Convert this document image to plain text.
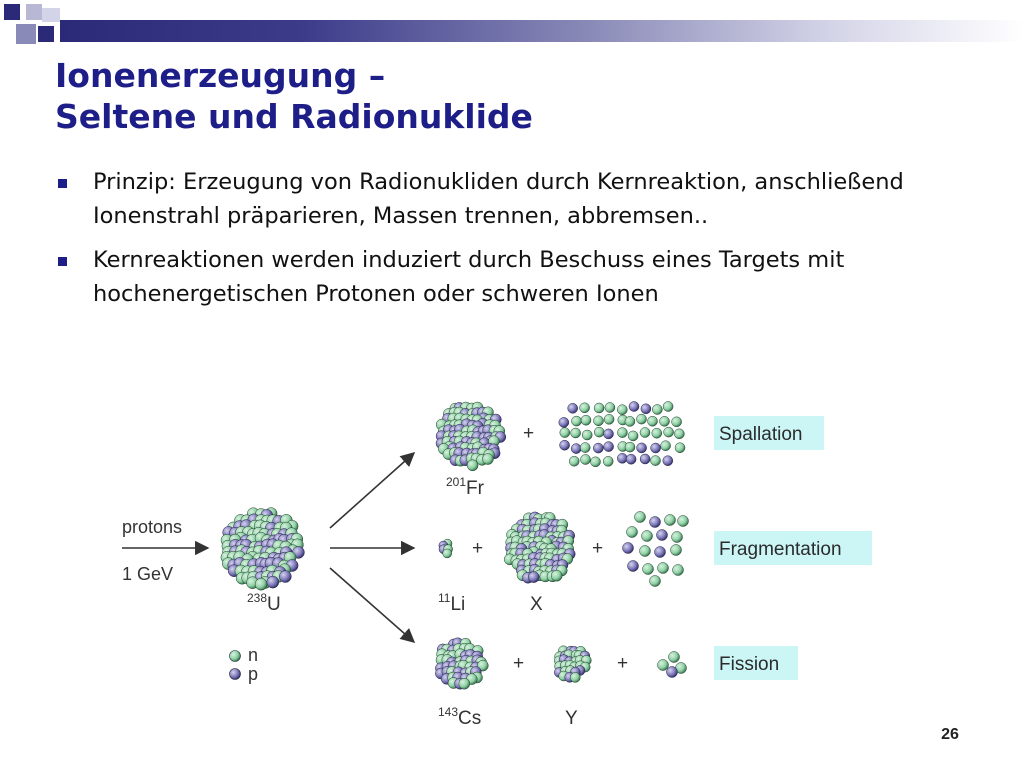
Ionenerzeugung –
Seltene und Radionuklide
Prinzip: Erzeugung von Radionukliden durch Kernreaktion, anschließend Ionenstrahl präparieren, Massen trennen, abbremsen..
Kernreaktionen werden induziert durch Beschuss eines Targets mit hochenergetischen Protonen oder schweren Ionen
protons
1 GeV
$^{238}$U
n
p
$^{201}$Fr
+	Spallation
+	+
$^{11}$Li	X
Fragmentation
+	+
$^{143}$Cs	Y
Fission
26
